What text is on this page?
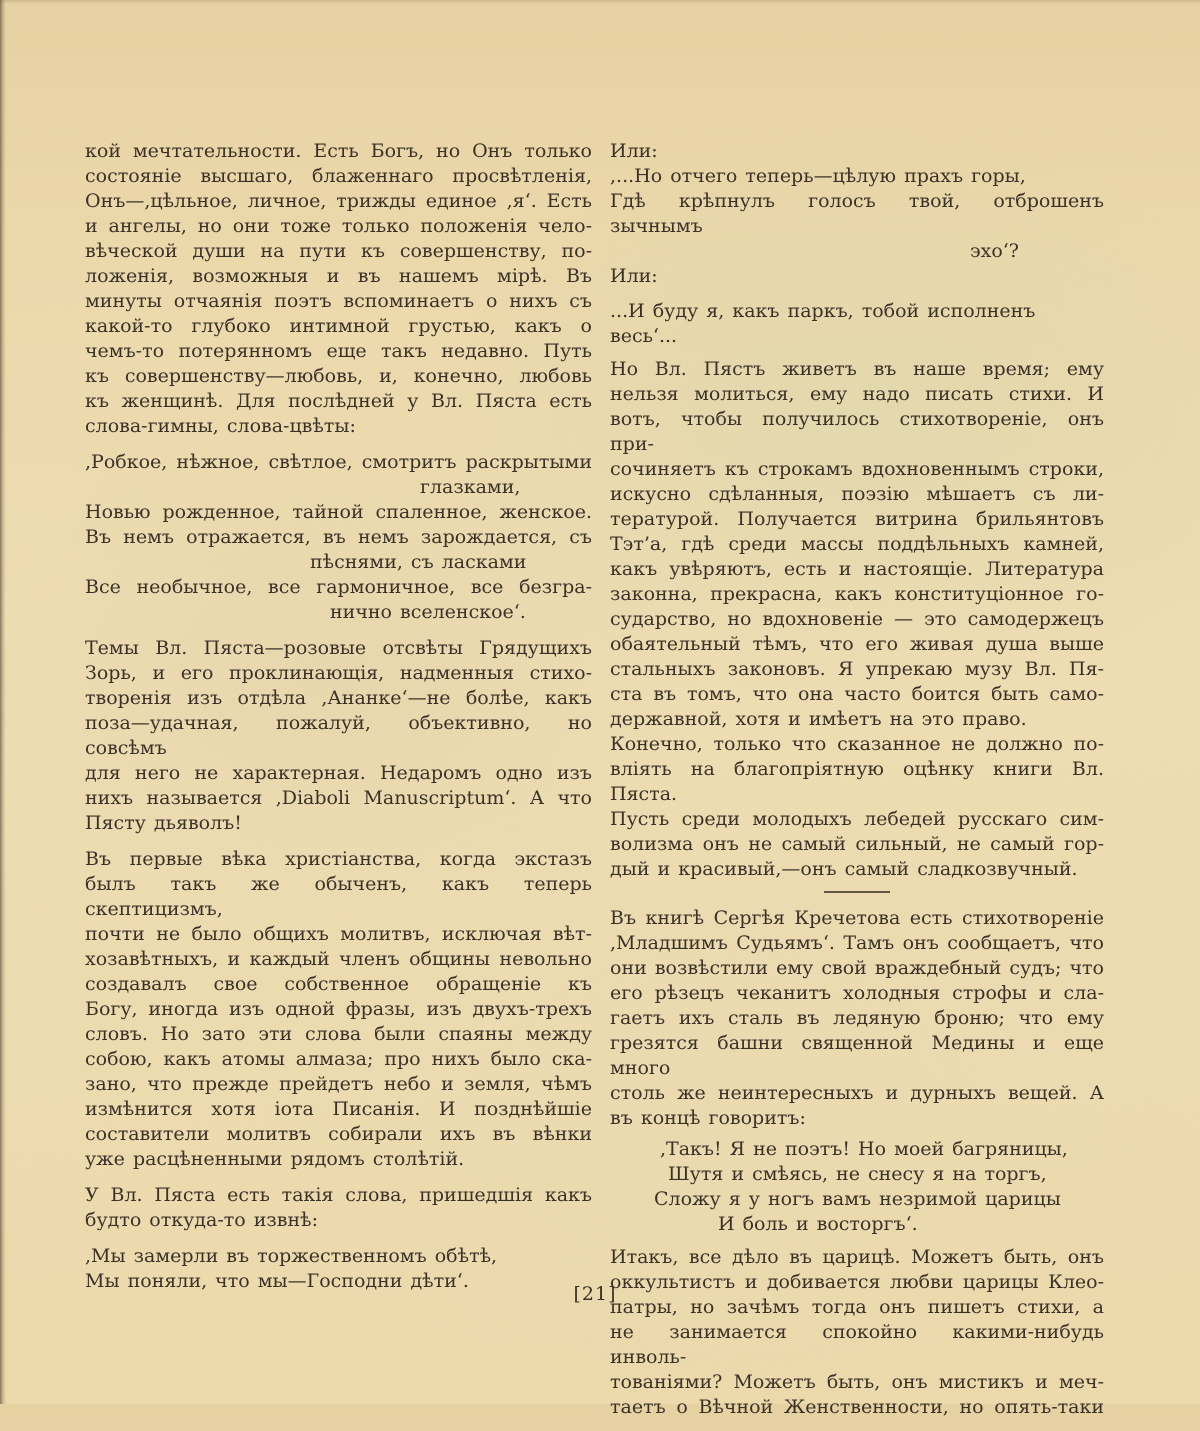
кой мечтательности. Есть Богъ, но Онъ только
состояніе высшаго, блаженнаго просвѣтленія,
Онъ—,цѣльное, личное, трижды единое ,я‘. Есть
и ангелы, но они тоже только положенія чело-
вѣческой души на пути къ совершенству, по-
ложенія, возможныя и въ нашемъ мірѣ. Въ
минуты отчаянія поэтъ вспоминаетъ о нихъ съ
какой-то глубоко интимной грустью, какъ о
чемъ-то потерянномъ еще такъ недавно. Путь
къ совершенству—любовь, и, конечно, любовь
къ женщинѣ. Для послѣдней у Вл. Пяста есть
слова-гимны, слова-цвѣты:
,Робкое, нѣжное, свѣтлое, смотритъ раскрытыми
глазками,
Новью рожденное, тайной спаленное, женское.
Въ немъ отражается, въ немъ зарождается, съ
пѣснями, съ ласками
Все необычное, все гармоничное, все безгра-
нично вселенское‘.
Темы Вл. Пяста—розовые отсвѣты Грядущихъ
Зорь, и его проклинающія, надменныя стихо-
творенія изъ отдѣла ,Ананке‘—не болѣе, какъ
поза—удачная, пожалуй, объективно, но совсѣмъ
для него не характерная. Недаромъ одно изъ
нихъ называется ,Diaboli Manuscriptum‘. А что
Пясту дьяволъ!
Въ первые вѣка христіанства, когда экстазъ
былъ такъ же обыченъ, какъ теперь скептицизмъ,
почти не было общихъ молитвъ, исключая вѣт-
хозавѣтныхъ, и каждый членъ общины невольно
создавалъ свое собственное обращеніе къ
Богу, иногда изъ одной фразы, изъ двухъ-трехъ
словъ. Но зато эти слова были спаяны между
собою, какъ атомы алмаза; про нихъ было ска-
зано, что прежде прейдетъ небо и земля, чѣмъ
измѣнится хотя іота Писанія. И позднѣйшіе
составители молитвъ собирали ихъ въ вѣнки
уже расцѣненными рядомъ столѣтій.
У Вл. Пяста есть такія слова, пришедшія какъ
будто откуда-то извнѣ:
,Мы замерли въ торжественномъ обѣтѣ,
Мы поняли, что мы—Господни дѣти‘.
Или:
,...Но отчего теперь—цѣлую прахъ горы,
Гдѣ крѣпнулъ голосъ твой, отброшенъ зычнымъ
эхо‘?
Или:
...И буду я, какъ паркъ, тобой исполненъ весь‘...
Но Вл. Пястъ живетъ въ наше время; ему
нельзя молиться, ему надо писать стихи. И
вотъ, чтобы получилось стихотвореніе, онъ при-
сочиняетъ къ строкамъ вдохновеннымъ строки,
искусно сдѣланныя, поэзію мѣшаетъ съ ли-
тературой. Получается витрина брильянтовъ
Тэт’а, гдѣ среди массы поддѣльныхъ камней,
какъ увѣряютъ, есть и настоящіе. Литература
законна, прекрасна, какъ конституціонное го-
сударство, но вдохновеніе — это самодержецъ
обаятельный тѣмъ, что его живая душа выше
стальныхъ законовъ. Я упрекаю музу Вл. Пя-
ста въ томъ, что она часто боится быть само-
державной, хотя и имѣетъ на это право.
Конечно, только что сказанное не должно по-
вліять на благопріятную оцѣнку книги Вл. Пяста.
Пусть среди молодыхъ лебедей русскаго сим-
волизма онъ не самый сильный, не самый гор-
дый и красивый,—онъ самый сладкозвучный.
Въ книгѣ Сергѣя Кречетова есть стихотвореніе
,Младшимъ Судьямъ‘. Тамъ онъ сообщаетъ, что
они возвѣстили ему свой враждебный судъ; что
его рѣзецъ чеканитъ холодныя строфы и сла-
гаетъ ихъ сталь въ ледяную броню; что ему
грезятся башни священной Медины и еще много
столь же неинтересныхъ и дурныхъ вещей. А
въ концѣ говоритъ:
,Такъ! Я не поэтъ! Но моей багряницы,
Шутя и смѣясь, не снесу я на торгъ,
Сложу я у ногъ вамъ незримой царицы
И боль и восторгъ‘.
Итакъ, все дѣло въ царицѣ. Можетъ быть, онъ
оккультистъ и добивается любви царицы Клео-
патры, но зачѣмъ тогда онъ пишетъ стихи, а
не занимается спокойно какими-нибудь инволь-
тованіями? Можетъ быть, онъ мистикъ и меч-
таетъ о Вѣчной Женственности, но опять-таки
[21]
